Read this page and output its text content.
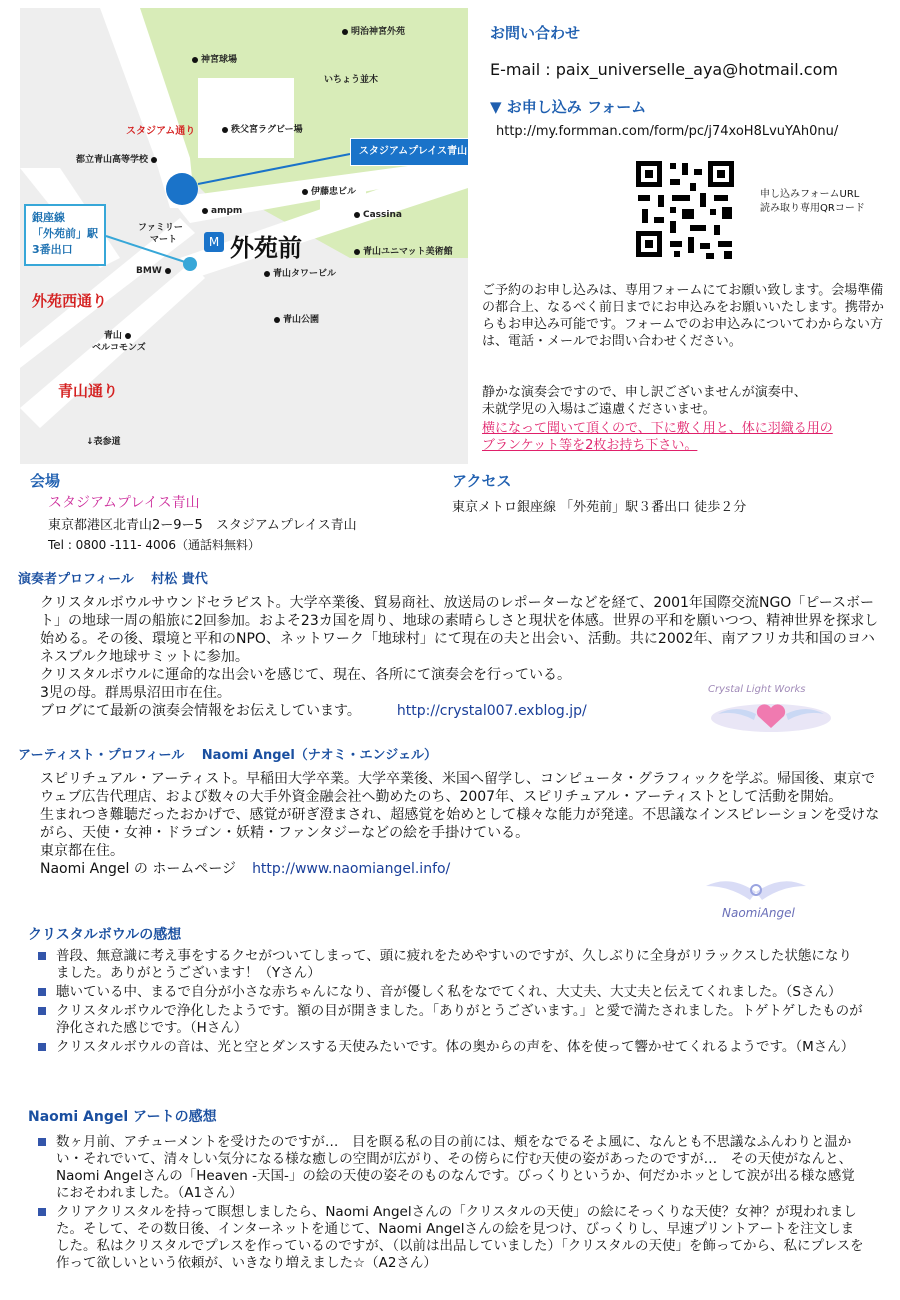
明治神宮外苑
神宮球場
いちょう並木
秩父宮ラグビー場
都立青山高等学校
伊藤忠ビル
ampm	Cassina
ファミリー
マート
青山ユニマット美術館
BMW	青山タワービル
青山公園
青山
ベルコモンズ
↓表参道
スタジアム通り
外苑西通り
青山通り
スタジアムプレイス青山
銀座線
「外苑前」駅
3番出口
M 外苑前
お問い合わせ
E-mail : paix_universelle_aya@hotmail.com
▼ お申し込み フォーム
http://my.formman.com/form/pc/j74xoH8LvuYAh0nu/
申し込みフォームURL
読み取り専用QRコード
ご予約のお申し込みは、専用フォームにてお願い致します。会場準備の都合上、なるべく前日までにお申込みをお願いいたします。携帯からもお申込み可能です。フォームでのお申込みについてわからない方は、電話・メールでお問い合わせください。
静かな演奏会ですので、申し訳ございませんが演奏中、
未就学児の入場はご遠慮くださいませ。
横になって聞いて頂くので、下に敷く用と、体に羽織る用の
ブランケット等を2枚お持ち下さい。
会場
スタジアムプレイス青山
東京都港区北青山2ー9ー5　スタジアムプレイス青山
Tel : 0800 -111- 4006（通話料無料）
アクセス
東京メトロ銀座線 「外苑前」駅３番出口 徒歩２分
演奏者プロフィール　 村松 貴代
クリスタルボウルサウンドセラピスト。大学卒業後、貿易商社、放送局のレポーターなどを経て、2001年国際交流NGO「ピースボート」の地球一周の船旅に2回参加。およそ23カ国を周り、地球の素晴らしさと現状を体感。世界の平和を願いつつ、精神世界を探求し始める。その後、環境と平和のNPO、ネットワーク「地球村」にて現在の夫と出会い、活動。共に2002年、南アフリカ共和国のヨハネスブルク地球サミットに参加。
クリスタルボウルに運命的な出会いを感じて、現在、各所にて演奏会を行っている。
3児の母。群馬県沼田市在住。
ブログにて最新の演奏会情報をお伝えしています。	http://crystal007.exblog.jp/
Crystal Light Works
アーティスト・プロフィール　 Naomi Angel（ナオミ・エンジェル）
スピリチュアル・アーティスト。早稲田大学卒業。大学卒業後、米国へ留学し、コンピュータ・グラフィックを学ぶ。帰国後、東京でウェブ広告代理店、および数々の大手外資金融会社へ勤めたのち、2007年、スピリチュアル・アーティストとして活動を開始。
生まれつき難聴だったおかげで、感覚が研ぎ澄まされ、超感覚を始めとして様々な能力が発達。不思議なインスピレーションを受けながら、天使・女神・ドラゴン・妖精・ファンタジーなどの絵を手掛けている。
東京都在住。
Naomi Angel の ホームページ http://www.naomiangel.info/
NaomiAngel
クリスタルボウルの感想
普段、無意識に考え事をするクセがついてしまって、頭に疲れをためやすいのですが、久しぶりに全身がリラックスした状態になりました。ありがとうございます！（Yさん）
聴いている中、まるで自分が小さな赤ちゃんになり、音が優しく私をなでてくれ、大丈夫、大丈夫と伝えてくれました。（Sさん）
クリスタルボウルで浄化したようです。額の目が開きました。「ありがとうございます。」と愛で満たされました。トゲトゲしたものが浄化された感じです。（Hさん）
クリスタルボウルの音は、光と空とダンスする天使みたいです。体の奥からの声を、体を使って響かせてくれるようです。（Mさん）
Naomi Angel アートの感想
数ヶ月前、アチューメントを受けたのですが…　目を瞑る私の目の前には、頬をなでるそよ風に、なんとも不思議なふんわりと温かい・それでいて、清々しい気分になる様な癒しの空間が広がり、その傍らに佇む天使の姿があったのですが…　その天使がなんと、Naomi Angelさんの「Heaven -天国-」の絵の天使の姿そのものなんです。びっくりというか、何だかホッとして涙が出る様な感覚におそわれました。（A1さん）
クリアクリスタルを持って瞑想しましたら、Naomi Angelさんの「クリスタルの天使」の絵にそっくりな天使？女神？が現われました。そして、その数日後、インターネットを通じて、Naomi Angelさんの絵を見つけ、びっくりし、早速プリントアートを注文しました。私はクリスタルでプレスを作っているのですが、（以前は出品していました）「クリスタルの天使」を飾ってから、私にプレスを作って欲しいという依頼が、いきなり増えました☆（A2さん）
